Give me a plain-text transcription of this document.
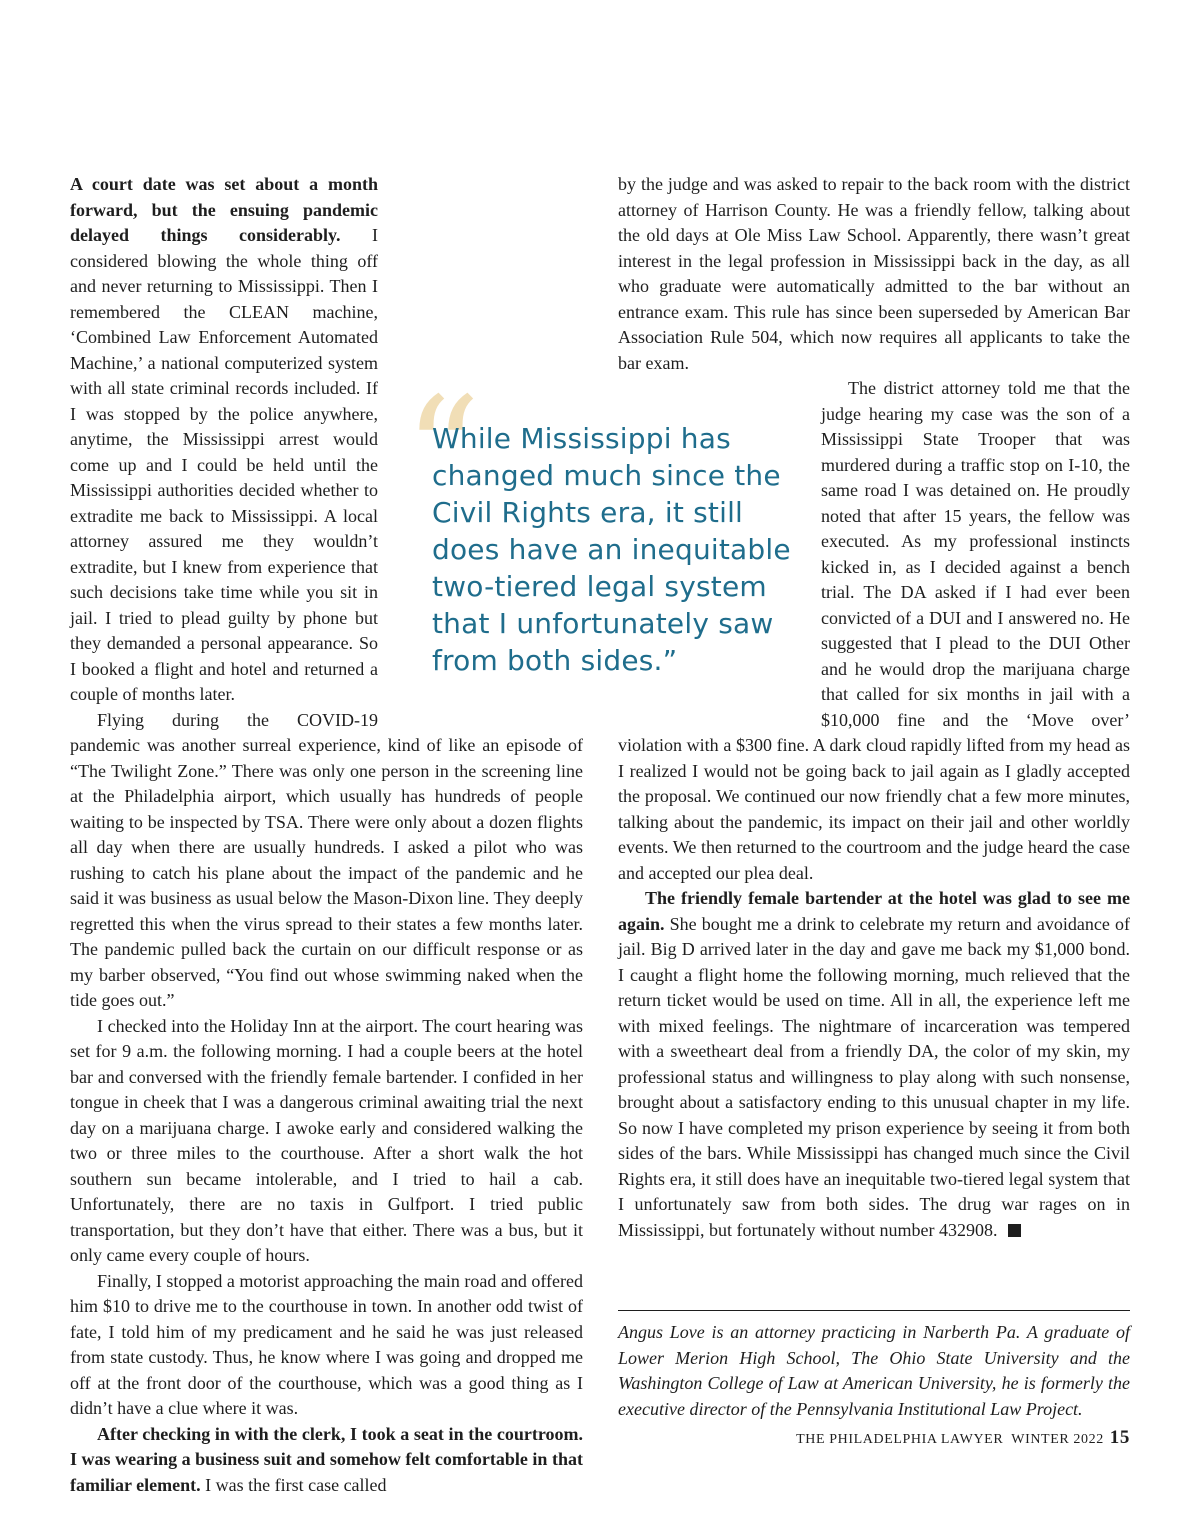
A court date was set about a month forward, but the ensuing pandemic delayed things considerably. I considered blowing the whole thing off and never returning to Mississippi. Then I remembered the CLEAN machine, ‘Combined Law Enforcement Automated Machine,’ a national computerized system with all state criminal records included. If I was stopped by the police anywhere, anytime, the Mississippi arrest would come up and I could be held until the Mississippi authorities decided whether to extradite me back to Mississippi. A local attorney assured me they wouldn’t extradite, but I knew from experience that such decisions take time while you sit in jail. I tried to plead guilty by phone but they demanded a personal appearance. So I booked a flight and hotel and returned a couple of months later.

Flying during the COVID-19 pandemic was another surreal experience, kind of like an episode of “The Twilight Zone.” There was only one person in the screening line at the Philadelphia airport, which usually has hundreds of people waiting to be inspected by TSA. There were only about a dozen flights all day when there are usually hundreds. I asked a pilot who was rushing to catch his plane about the impact of the pandemic and he said it was business as usual below the Mason-Dixon line. They deeply regretted this when the virus spread to their states a few months later. The pandemic pulled back the curtain on our difficult response or as my barber observed, “You find out whose swimming naked when the tide goes out.”

I checked into the Holiday Inn at the airport. The court hearing was set for 9 a.m. the following morning. I had a couple beers at the hotel bar and conversed with the friendly female bartender. I confided in her tongue in cheek that I was a dangerous criminal awaiting trial the next day on a marijuana charge. I awoke early and considered walking the two or three miles to the courthouse. After a short walk the hot southern sun became intolerable, and I tried to hail a cab. Unfortunately, there are no taxis in Gulfport. I tried public transportation, but they don’t have that either. There was a bus, but it only came every couple of hours.

Finally, I stopped a motorist approaching the main road and offered him $10 to drive me to the courthouse in town. In another odd twist of fate, I told him of my predicament and he said he was just released from state custody. Thus, he know where I was going and dropped me off at the front door of the courthouse, which was a good thing as I didn’t have a clue where it was.

After checking in with the clerk, I took a seat in the courtroom. I was wearing a business suit and somehow felt comfortable in that familiar element. I was the first case called

by the judge and was asked to repair to the back room with the district attorney of Harrison County. He was a friendly fellow, talking about the old days at Ole Miss Law School. Apparently, there wasn’t great interest in the legal profession in Mississippi back in the day, as all who graduate were automatically admitted to the bar without an entrance exam. This rule has since been superseded by American Bar Association Rule 504, which now requires all applicants to take the bar exam.

The district attorney told me that the judge hearing my case was the son of a Mississippi State Trooper that was murdered during a traffic stop on I-10, the same road I was detained on. He proudly noted that after 15 years, the fellow was executed. As my professional instincts kicked in, as I decided against a bench trial. The DA asked if I had ever been convicted of a DUI and I answered no. He suggested that I plead to the DUI Other and he would drop the marijuana charge that called for six months in jail with a $10,000 fine and the ‘Move over’ violation with a $300 fine. A dark cloud rapidly lifted from my head as I realized I would not be going back to jail again as I gladly accepted the proposal. We continued our now friendly chat a few more minutes, talking about the pandemic, its impact on their jail and other worldly events. We then returned to the courtroom and the judge heard the case and accepted our plea deal.

The friendly female bartender at the hotel was glad to see me again. She bought me a drink to celebrate my return and avoidance of jail. Big D arrived later in the day and gave me back my $1,000 bond. I caught a flight home the following morning, much relieved that the return ticket would be used on time. All in all, the experience left me with mixed feelings. The nightmare of incarceration was tempered with a sweetheart deal from a friendly DA, the color of my skin, my professional status and willingness to play along with such nonsense, brought about a satisfactory ending to this unusual chapter in my life. So now I have completed my prison experience by seeing it from both sides of the bars. While Mississippi has changed much since the Civil Rights era, it still does have an inequitable two-tiered legal system that I unfortunately saw from both sides. The drug war rages on in Mississippi, but fortunately without number 432908.

“
While Mississippi has changed much since the Civil Rights era, it still does have an inequitable two-tiered legal system that I unfortunately saw from both sides.”

Angus Love is an attorney practicing in Narberth Pa. A graduate of Lower Merion High School, The Ohio State University and the Washington College of Law at American University, he is formerly the executive director of the Pennsylvania Institutional Law Project.

THE PHILADELPHIA LAWYER WINTER 2022 15
